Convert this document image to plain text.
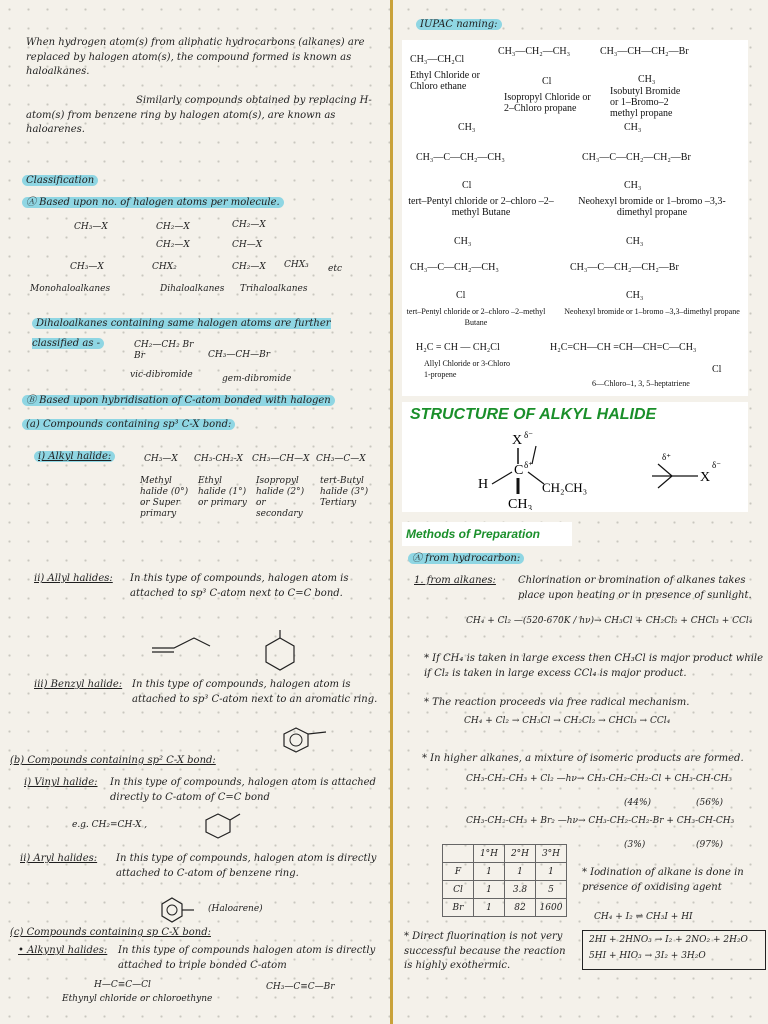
When hydrogen atom(s) from aliphatic hydrocarbons (alkanes) are replaced by halogen atom(s), the compound formed is known as haloalkanes.
Similarly compounds obtained by replacing H-atom(s) from benzene ring by halogen atom(s), are known as haloarenes.
Classification
Ⓐ Based upon no. of halogen atoms per molecule.
CH₃—X	CH₂—X	CH₂—X
CH₂—X	CH—X
CH₃—X	CHX₂	CH₂—X CHX₃ etc
Monohaloalkanes	Dihaloalkanes Trihaloalkanes
Dihaloalkanes containing same halogen atoms are further classified as -	CH₂—CH₂ Br Br
vic-dibromide
CH₃—CH—Br
gem-dibromide
Ⓑ Based upon hybridisation of C-atom bonded with halogen
(a) Compounds containing sp³ C-X bond:
i) Alkyl halide:	CH₃—X CH₃-CH₂-X CH₃—CH—X CH₃—C—X
Methyl halide (0°) or Super primary
Ethyl halide (1°) or primary
Isopropyl halide (2°) or secondary
tert-Butyl halide (3°) Tertiary
ii) Allyl halides: In this type of compounds, halogen atom is attached to sp³ C-atom next to C=C bond.
iii) Benzyl halide: In this type of compounds, halogen atom is attached to sp³ C-atom next to an aromatic ring.
(b) Compounds containing sp² C-X bond:
i) Vinyl halide: In this type of compounds, halogen atom is attached directly to C-atom of C=C bond
e.g. CH₂=CH-X ,
ii) Aryl halides: In this type of compounds, halogen atom is directly attached to C-atom of benzene ring.
(Haloarene)
(c) Compounds containing sp C-X bond:
• Alkynyl halides: In this type of compounds halogen atom is directly attached to triple bonded C-atom
H—C≡C—Cl	CH₃—C≡C—Br
Ethynyl chloride or chloroethyne
IUPAC naming:
CH₃—CH₂Cl
Ethyl Chloride or Chloro ethane
CH₃—CH₂—CH₃
Cl
Isopropyl Chloride or 2–Chloro propane
CH₃—CH—CH₂—Br
CH₃
Isobutyl Bromide or 1–Bromo–2 methyl propane
CH₃
CH₃—C—CH₂—CH₃
Cl
tert–Pentyl chloride or 2–chloro –2–methyl Butane
CH₃
CH₃—C—CH₂—CH₂—Br
CH₃
Neohexyl bromide or 1–bromo –3,3-dimethyl propane
CH₃
CH₃—C—CH₂—CH₃
Cl
tert–Pentyl chloride or 2–chloro –2–methyl Butane
CH₃
CH₃—C—CH₂—CH₂—Br
CH₃
Neohexyl bromide or 1–bromo –3,3–dimethyl propane
H₂C = CH — CH₂Cl
Allyl Chloride or 3-Chloro 1-propene
H₂C=CH—CH =CH—CH=C—CH₃
Cl
6—Chloro–1, 3, 5–heptatriene
STRUCTURE OF ALKYL HALIDE
X δ⁻
C δ⁺
H	CH₂CH₃
CH₃
X
δ⁻
δ⁺
Methods of Preparation
Ⓐ from hydrocarbon:
1. from alkanes: Chlorination or bromination of alkanes takes place upon heating or in presence of sunlight.
CH₄ + Cl₂ —(520-670K / hν)→ CH₃Cl + CH₂Cl₂ + CHCl₃ + CCl₄
* If CH₄ is taken in large excess then CH₃Cl is major product while if Cl₂ is taken in large excess CCl₄ is major product.
* The reaction proceeds via free radical mechanism.
CH₄ + Cl₂ → CH₃Cl → CH₂Cl₂ → CHCl₃ → CCl₄
* In higher alkanes, a mixture of isomeric products are formed.
CH₃-CH₂-CH₃ + Cl₂ —hν→ CH₃-CH₂-CH₂-Cl + CH₃-CH-CH₃
(44%)	(56%)
CH₃-CH₂-CH₃ + Br₂ —hν→ CH₃-CH₂-CH₂-Br + CH₃-CH-CH₃
(3%)	(97%)
	1°H	2°H	3°H
F	1	1	1
Cl	1	3.8	5
Br	1	82	1600
* Iodination of alkane is done in presence of oxidising agent
CH₄ + I₂ ⇌ CH₃I + HI
2HI + 2HNO₃ → I₂ + 2NO₂ + 2H₂O
5HI + HIO₃ → 3I₂ + 3H₂O
* Direct fluorination is not very successful because the reaction is highly exothermic.
